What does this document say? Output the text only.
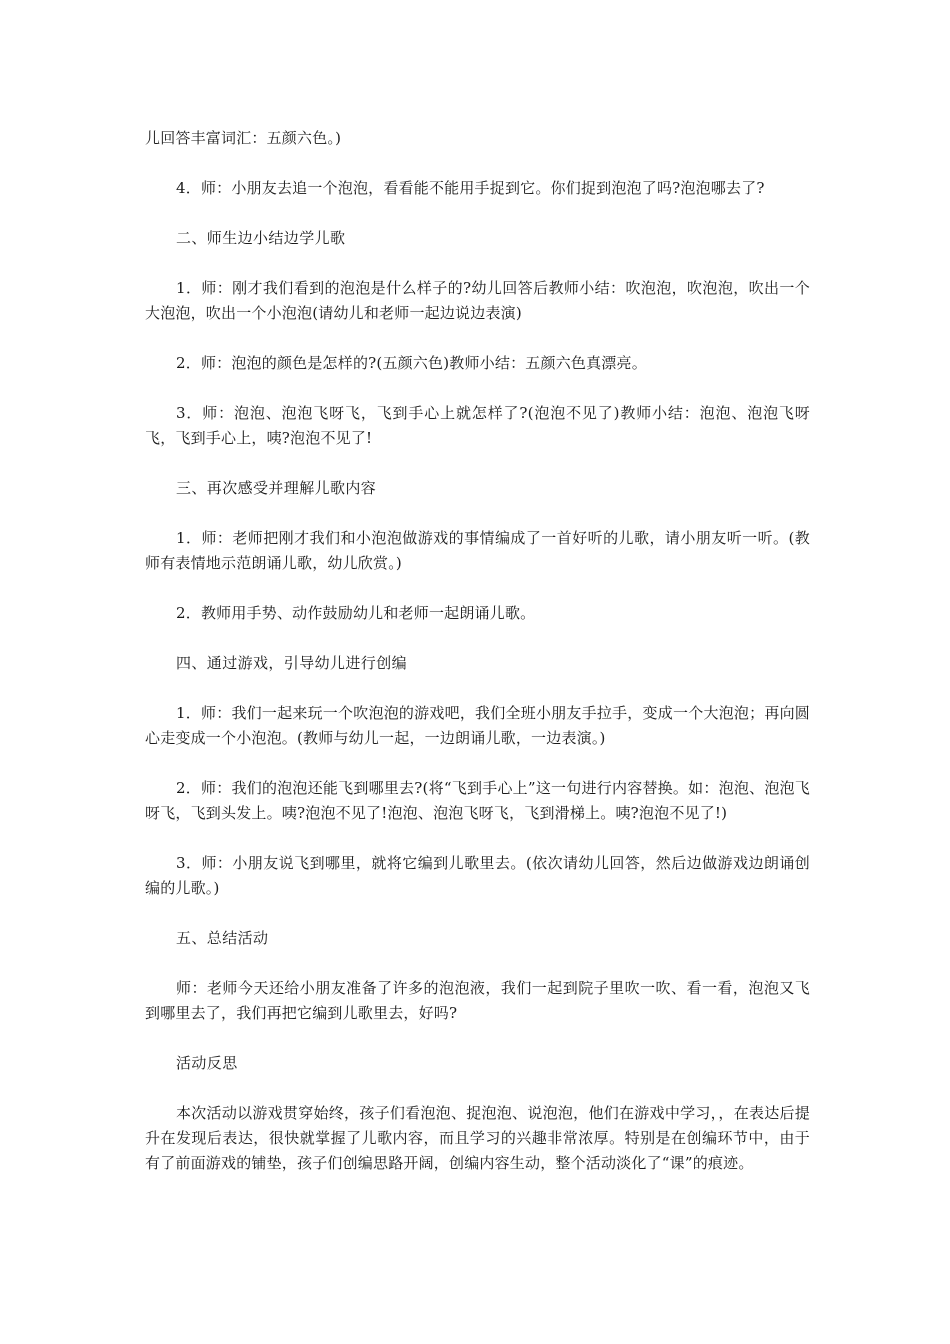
儿回答丰富词汇：五颜六色。)

4．师：小朋友去追一个泡泡，看看能不能用手捉到它。你们捉到泡泡了吗?泡泡哪去了?

二、师生边小结边学儿歌

1．师：刚才我们看到的泡泡是什么样子的?幼儿回答后教师小结：吹泡泡，吹泡泡，吹出一个大泡泡，吹出一个小泡泡(请幼儿和老师一起边说边表演)

2．师：泡泡的颜色是怎样的?(五颜六色)教师小结：五颜六色真漂亮。

3．师：泡泡、泡泡飞呀飞，飞到手心上就怎样了?(泡泡不见了)教师小结：泡泡、泡泡飞呀飞，飞到手心上，咦?泡泡不见了!

三、再次感受并理解儿歌内容

1．师：老师把刚才我们和小泡泡做游戏的事情编成了一首好听的儿歌，请小朋友听一听。(教师有表情地示范朗诵儿歌，幼儿欣赏。)

2．教师用手势、动作鼓励幼儿和老师一起朗诵儿歌。

四、通过游戏，引导幼儿进行创编

1．师：我们一起来玩一个吹泡泡的游戏吧，我们全班小朋友手拉手，变成一个大泡泡；再向圆心走变成一个小泡泡。(教师与幼儿一起，一边朗诵儿歌，一边表演。)

2．师：我们的泡泡还能飞到哪里去?(将“飞到手心上”这一句进行内容替换。如：泡泡、泡泡飞呀飞，飞到头发上。咦?泡泡不见了!泡泡、泡泡飞呀飞，飞到滑梯上。咦?泡泡不见了!)

3．师：小朋友说飞到哪里，就将它编到儿歌里去。(依次请幼儿回答，然后边做游戏边朗诵创编的儿歌。)

五、总结活动

师：老师今天还给小朋友准备了许多的泡泡液，我们一起到院子里吹一吹、看一看，泡泡又飞到哪里去了，我们再把它编到儿歌里去，好吗?

活动反思

本次活动以游戏贯穿始终，孩子们看泡泡、捉泡泡、说泡泡，他们在游戏中学习，，在表达后提升在发现后表达，很快就掌握了儿歌内容，而且学习的兴趣非常浓厚。特别是在创编环节中，由于有了前面游戏的铺垫，孩子们创编思路开阔，创编内容生动，整个活动淡化了“课”的痕迹。
